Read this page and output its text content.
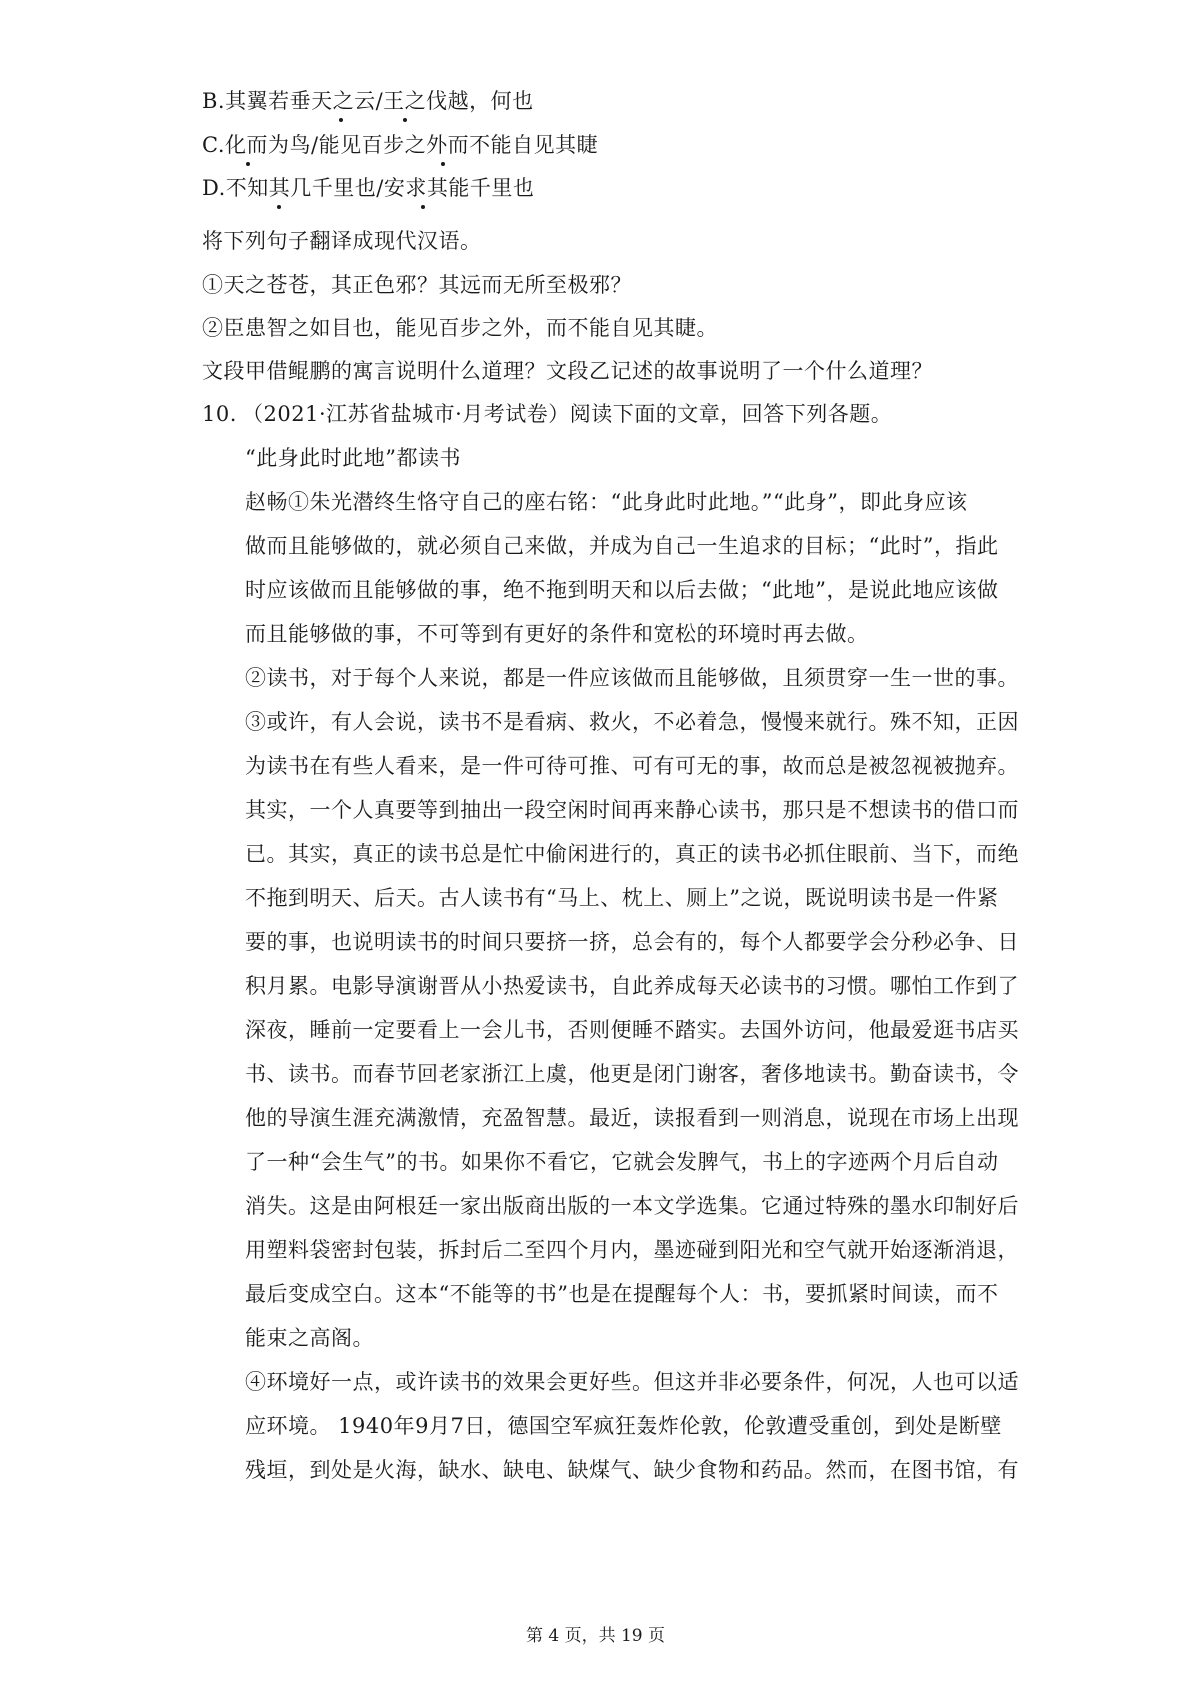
B.其翼若垂天之云/王之伐越，何也
C.化而为鸟/能见百步之外而不能自见其睫
D.不知其几千里也/安求其能千里也
将下列句子翻译成现代汉语。
①天之苍苍，其正色邪？其远而无所至极邪？
②臣患智之如目也，能见百步之外，而不能自见其睫。
文段甲借鲲鹏的寓言说明什么道理？文段乙记述的故事说明了一个什么道理？
10. （2021·江苏省盐城市·月考试卷）阅读下面的文章，回答下列各题。
“此身此时此地”都读书
赵畅①朱光潜终生恪守自己的座右铭：“此身此时此地。”“此身”，即此身应该
做而且能够做的，就必须自己来做，并成为自己一生追求的目标；“此时”，指此
时应该做而且能够做的事，绝不拖到明天和以后去做；“此地”，是说此地应该做
而且能够做的事，不可等到有更好的条件和宽松的环境时再去做。
②读书，对于每个人来说，都是一件应该做而且能够做，且须贯穿一生一世的事。
③或许，有人会说，读书不是看病、救火，不必着急，慢慢来就行。殊不知，正因
为读书在有些人看来，是一件可待可推、可有可无的事，故而总是被忽视被抛弃。
其实，一个人真要等到抽出一段空闲时间再来静心读书，那只是不想读书的借口而
已。其实，真正的读书总是忙中偷闲进行的，真正的读书必抓住眼前、当下，而绝
不拖到明天、后天。古人读书有“马上、枕上、厕上”之说，既说明读书是一件紧
要的事，也说明读书的时间只要挤一挤，总会有的，每个人都要学会分秒必争、日
积月累。电影导演谢晋从小热爱读书，自此养成每天必读书的习惯。哪怕工作到了
深夜，睡前一定要看上一会儿书，否则便睡不踏实。去国外访问，他最爱逛书店买
书、读书。而春节回老家浙江上虞，他更是闭门谢客，奢侈地读书。勤奋读书，令
他的导演生涯充满激情，充盈智慧。最近，读报看到一则消息，说现在市场上出现
了一种“会生气”的书。如果你不看它，它就会发脾气，书上的字迹两个月后自动
消失。这是由阿根廷一家出版商出版的一本文学选集。它通过特殊的墨水印制好后
用塑料袋密封包装，拆封后二至四个月内，墨迹碰到阳光和空气就开始逐渐消退，
最后变成空白。这本“不能等的书”也是在提醒每个人：书，要抓紧时间读，而不
能束之高阁。
④环境好一点，或许读书的效果会更好些。但这并非必要条件，何况，人也可以适
应环境。 1940年9月7日，德国空军疯狂轰炸伦敦，伦敦遭受重创，到处是断壁
残垣，到处是火海，缺水、缺电、缺煤气、缺少食物和药品。然而，在图书馆，有
第 4 页，共 19 页
